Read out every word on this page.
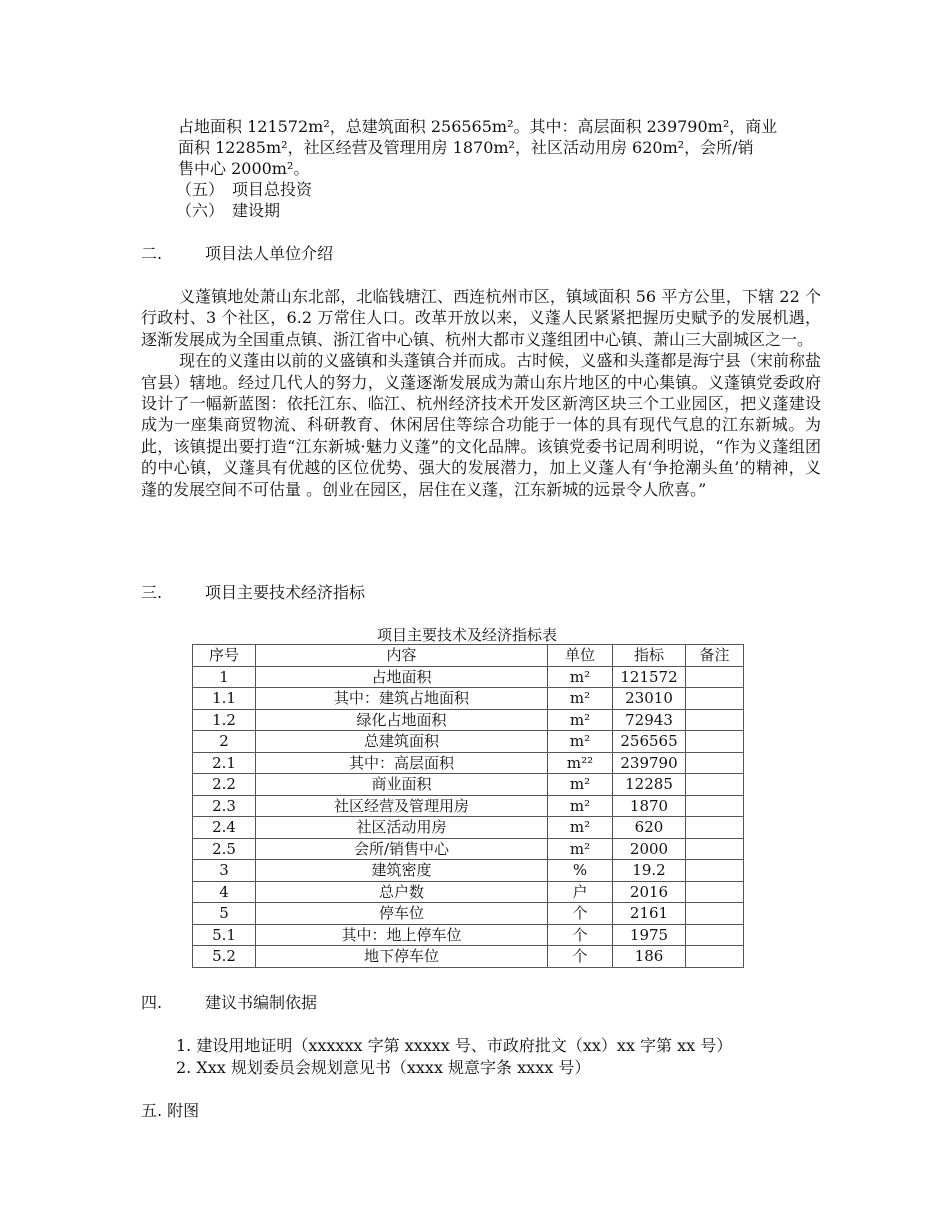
占地面积 121572m²，总建筑面积 256565m²。其中：高层面积 239790m²，商业
面积 12285m²，社区经营及管理用房 1870m²，社区活动用房 620m²，会所/销
售中心 2000m²。
（五）　项目总投资
（六）　建设期
二.	项目法人单位介绍

义蓬镇地处萧山东北部，北临钱塘江、西连杭州市区，镇域面积 56 平方公里，下辖 22 个行政村、3 个社区，6.2 万常住人口。改革开放以来，义蓬人民紧紧把握历史赋予的发展机遇，逐渐发展成为全国重点镇、浙江省中心镇、杭州大都市义蓬组团中心镇、萧山三大副城区之一。

现在的义蓬由以前的义盛镇和头蓬镇合并而成。古时候，义盛和头蓬都是海宁县（宋前称盐官县）辖地。经过几代人的努力，义蓬逐渐发展成为萧山东片地区的中心集镇。义蓬镇党委政府设计了一幅新蓝图：依托江东、临江、杭州经济技术开发区新湾区块三个工业园区，把义蓬建设成为一座集商贸物流、科研教育、休闲居住等综合功能于一体的具有现代气息的江东新城。为此，该镇提出要打造“江东新城·魅力义蓬”的文化品牌。该镇党委书记周利明说，“作为义蓬组团的中心镇，义蓬具有优越的区位优势、强大的发展潜力，加上义蓬人有‘争抢潮头鱼’的精神，义蓬的发展空间不可估量 。创业在园区，居住在义蓬，江东新城的远景令人欣喜。”

三.	项目主要技术经济指标
项目主要技术及经济指标表
序号	内容	单位	指标	备注
1	占地面积	m²	121572	
1.1	其中：建筑占地面积	m²	23010	
1.2	绿化占地面积	m²	72943	
2	总建筑面积	m²	256565	
2.1	其中：高层面积	m²²	239790	
2.2	商业面积	m²	12285	
2.3	社区经营及管理用房	m²	1870	
2.4	社区活动用房	m²	620	
2.5	会所/销售中心	m²	2000	
3	建筑密度	%	19.2	
4	总户数	户	2016	
5	停车位	个	2161	
5.1	其中：地上停车位	个	1975	
5.2	地下停车位	个	186	
四.	建议书编制依据
1. 建设用地证明（xxxxxx 字第 xxxxx 号、市政府批文（xx）xx 字第 xx 号）
2. Xxx 规划委员会规划意见书（xxxx 规意字条 xxxx 号）
五. 附图
